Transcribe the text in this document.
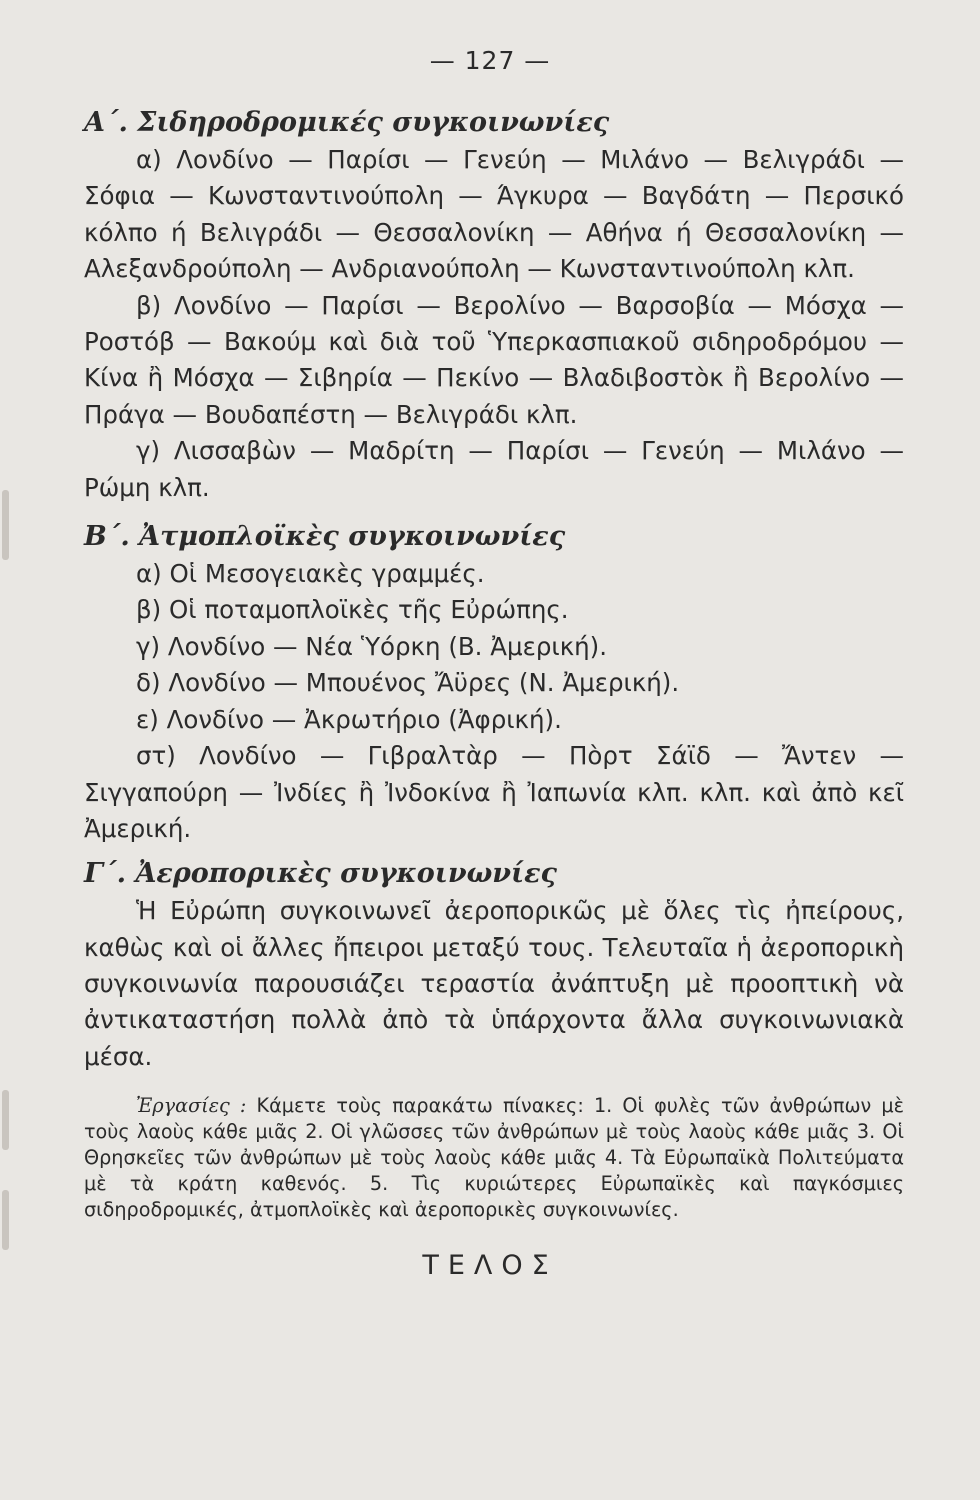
— 127 —
Α΄. Σιδηροδρομικές συγκοινωνίες

α) Λονδίνο — Παρίσι — Γενεύη — Μιλάνο — Βελιγράδι — Σόφια — Κωνσταντινούπολη — Άγκυρα — Βαγδάτη — Περσικό κόλπο ή Βελιγράδι — Θεσσαλονίκη — Αθήνα ή Θεσσαλονίκη — Αλεξανδρούπολη — Ανδριανούπολη — Κωνσταντινούπολη κλπ.

β) Λονδίνο — Παρίσι — Βερολίνο — Βαρσοβία — Μόσχα — Ροστόβ — Βακούμ καὶ διὰ τοῦ Ὑπερκασπιακοῦ σιδηροδρόμου — Κίνα ἢ Μόσχα — Σιβηρία — Πεκίνο — Βλαδιβοστὸκ ἢ Βερολίνο — Πράγα — Βουδαπέστη — Βελιγράδι κλπ.

γ) Λισσαβὼν — Μαδρίτη — Παρίσι — Γενεύη — Μιλάνο — Ρώμη κλπ.

Β΄. Ἀτμοπλοϊκὲς συγκοινωνίες

α) Οἱ Μεσογειακὲς γραμμές.

β) Οἱ ποταμοπλοϊκὲς τῆς Εὐρώπης.

γ) Λονδίνο — Νέα Ὑόρκη (Β. Ἀμερική).

δ) Λονδίνο — Μπουένος Ἄϋρες (Ν. Ἀμερική).

ε) Λονδίνο — Ἀκρωτήριο (Ἀφρική).

στ) Λονδίνο — Γιβραλτὰρ — Πὸρτ Σάϊδ — Ἄντεν — Σιγγαπούρη — Ἰνδίες ἢ Ἰνδοκίνα ἢ Ἰαπωνία κλπ. κλπ. καὶ ἀπὸ κεῖ Ἀμερική.

Γ΄. Ἀεροπορικὲς συγκοινωνίες

Ἡ Εὐρώπη συγκοινωνεῖ ἀεροπορικῶς μὲ ὅλες τὶς ἠπείρους, καθὼς καὶ οἱ ἄλλες ἤπειροι μεταξύ τους. Τελευταῖα ἡ ἀεροπορικὴ συγκοινωνία παρουσιάζει τεραστία ἀνάπτυξη μὲ προοπτικὴ νὰ ἀντικαταστήση πολλὰ ἀπὸ τὰ ὑπάρχοντα ἄλλα συγκοινωνιακὰ μέσα.

Ἐργασίες : Κάμετε τοὺς παρακάτω πίνακες: 1. Οἱ φυλὲς τῶν ἀνθρώπων μὲ τοὺς λαοὺς κάθε μιᾶς 2. Οἱ γλῶσσες τῶν ἀνθρώπων μὲ τοὺς λαοὺς κάθε μιᾶς 3. Οἱ Θρησκεῖες τῶν ἀνθρώπων μὲ τοὺς λαοὺς κάθε μιᾶς 4. Τὰ Εὐρωπαϊκὰ Πολιτεύματα μὲ τὰ κράτη καθενός. 5. Τὶς κυριώτερες Εὐρωπαϊκὲς καὶ παγκόσμιες σιδηροδρομικές, ἀτμοπλοϊκὲς καὶ ἀεροπορικὲς συγκοινωνίες.

ΤΕΛΟΣ
